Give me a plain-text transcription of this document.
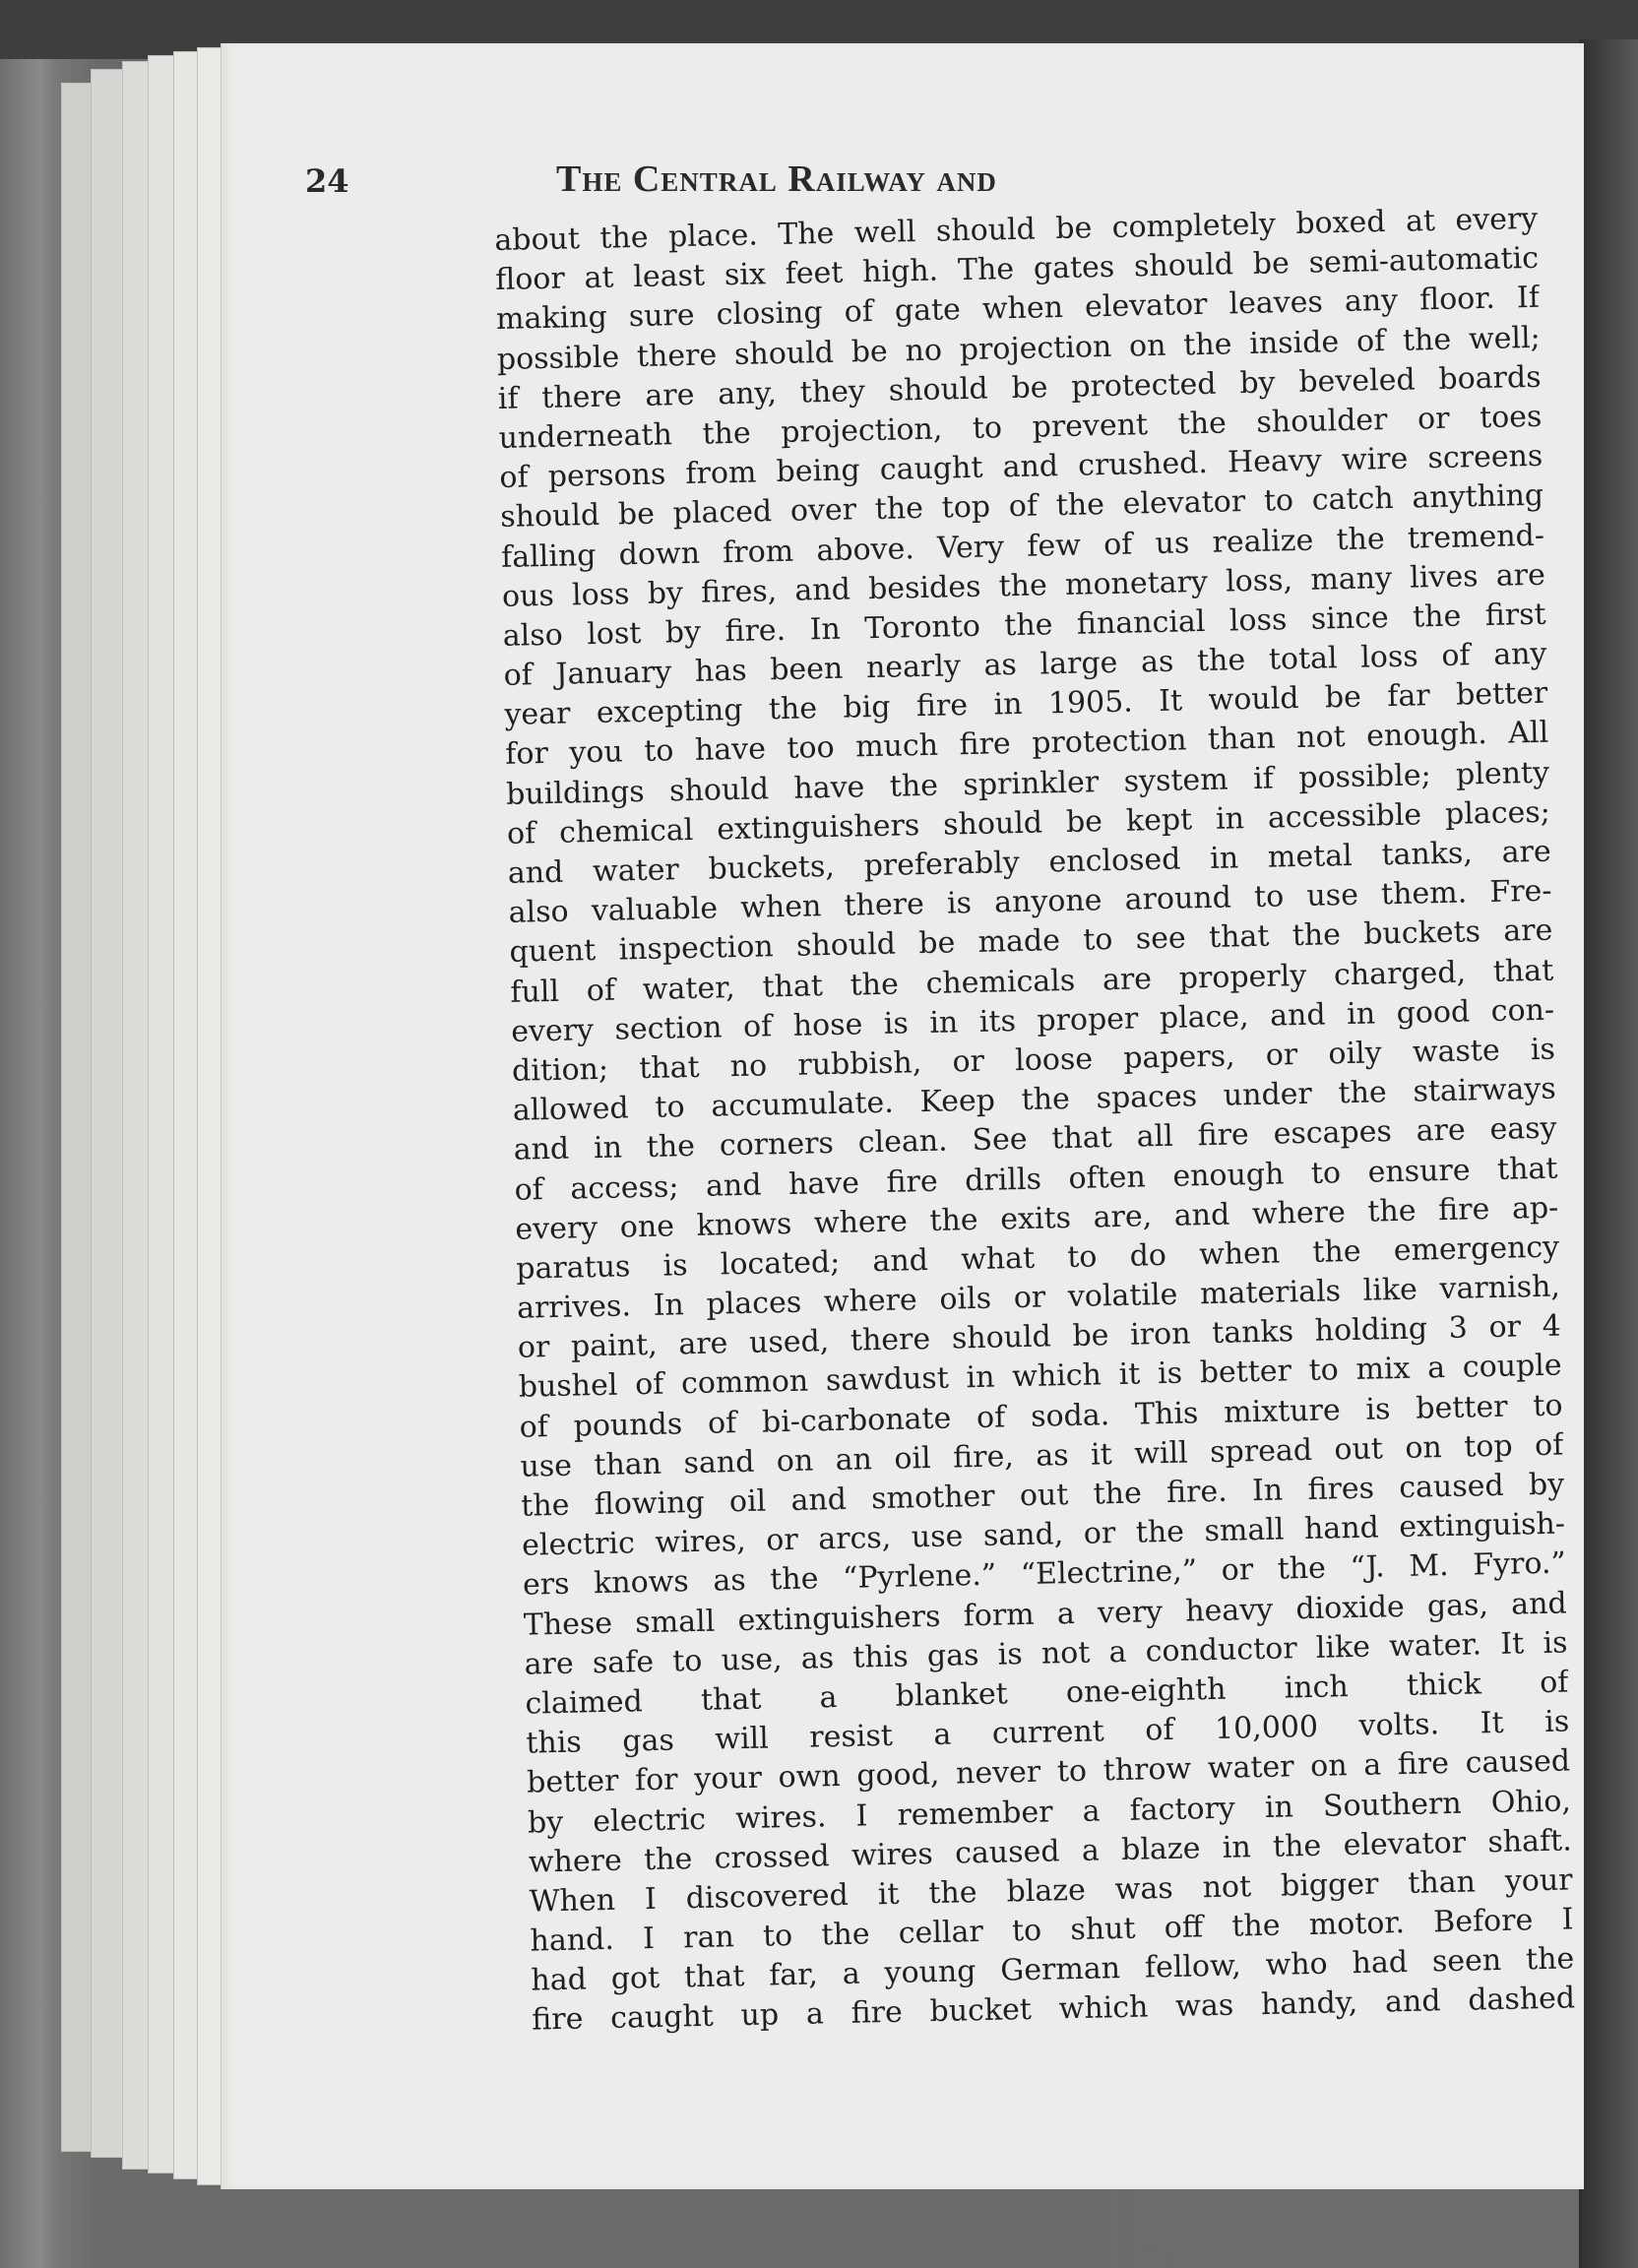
24	The Central Railway and
about the place. The well should be completely boxed at every
floor at least six feet high. The gates should be semi-automatic
making sure closing of gate when elevator leaves any floor. If
possible there should be no projection on the inside of the well;
if there are any, they should be protected by beveled boards
underneath the projection, to prevent the shoulder or toes
of persons from being caught and crushed. Heavy wire screens
should be placed over the top of the elevator to catch anything
falling down from above. Very few of us realize the tremend-
ous loss by fires, and besides the monetary loss, many lives are
also lost by fire. In Toronto the financial loss since the first
of January has been nearly as large as the total loss of any
year excepting the big fire in 1905. It would be far better
for you to have too much fire protection than not enough. All
buildings should have the sprinkler system if possible; plenty
of chemical extinguishers should be kept in accessible places;
and water buckets, preferably enclosed in metal tanks, are
also valuable when there is anyone around to use them. Fre-
quent inspection should be made to see that the buckets are
full of water, that the chemicals are properly charged, that
every section of hose is in its proper place, and in good con-
dition; that no rubbish, or loose papers, or oily waste is
allowed to accumulate. Keep the spaces under the stairways
and in the corners clean. See that all fire escapes are easy
of access; and have fire drills often enough to ensure that
every one knows where the exits are, and where the fire ap-
paratus is located; and what to do when the emergency
arrives. In places where oils or volatile materials like varnish,
or paint, are used, there should be iron tanks holding 3 or 4
bushel of common sawdust in which it is better to mix a couple
of pounds of bi-carbonate of soda. This mixture is better to
use than sand on an oil fire, as it will spread out on top of
the flowing oil and smother out the fire. In fires caused by
electric wires, or arcs, use sand, or the small hand extinguish-
ers knows as the “Pyrlene.” “Electrine,” or the “J. M. Fyro.”
These small extinguishers form a very heavy dioxide gas, and
are safe to use, as this gas is not a conductor like water. It is
claimed that a blanket one-eighth inch thick of
this gas will resist a current of 10,000 volts. It is
better for your own good, never to throw water on a fire caused
by electric wires. I remember a factory in Southern Ohio,
where the crossed wires caused a blaze in the elevator shaft.
When I discovered it the blaze was not bigger than your
hand. I ran to the cellar to shut off the motor. Before I
had got that far, a young German fellow, who had seen the
fire caught up a fire bucket which was handy, and dashed
